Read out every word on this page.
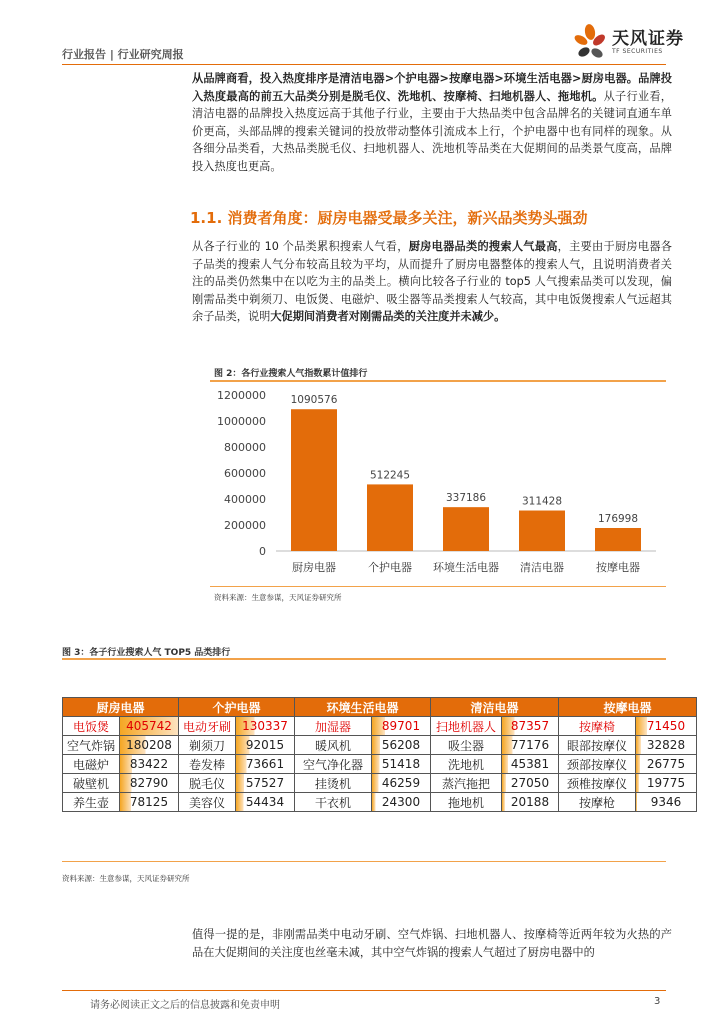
行业报告 | 行业研究周报
天风证券
TF SECURITIES

从品牌商看，投入热度排序是清洁电器>个护电器>按摩电器>环境生活电器>厨房电器。品牌投入热度最高的前五大品类分别是脱毛仪、洗地机、按摩椅、扫地机器人、拖地机。从子行业看，清洁电器的品牌投入热度远高于其他子行业，主要由于大热品类中包含品牌名的关键词直通车单价更高，头部品牌的搜索关键词的投放带动整体引流成本上行，个护电器中也有同样的现象。从各细分品类看，大热品类脱毛仪、扫地机器人、洗地机等品类在大促期间的品类景气度高，品牌投入热度也更高。

1.1. 消费者角度：厨房电器受最多关注，新兴品类势头强劲

从各子行业的 10 个品类累积搜索人气看，厨房电器品类的搜索人气最高，主要由于厨房电器各子品类的搜索人气分布较高且较为平均，从而提升了厨房电器整体的搜索人气，且说明消费者关注的品类仍然集中在以吃为主的品类上。横向比较各子行业的 top5 人气搜索品类可以发现，偏刚需品类中剃须刀、电饭煲、电磁炉、吸尘器等品类搜索人气较高，其中电饭煲搜索人气远超其余子品类，说明大促期间消费者对刚需品类的关注度并未减少。

图 2：各行业搜索人气指数累计值排行
0
200000
400000
600000
800000
1000000
1200000 1090576
厨房电器
512245
个护电器
337186
环境生活电器
311428
清洁电器
176998
按摩电器
资料来源：生意参谋，天风证券研究所
图 3：各子行业搜索人气 TOP5 品类排行
厨房电器		个护电器		环境生活电器		清洁电器		按摩电器	
电饭煲	405742	电动牙刷	130337	加湿器	89701	扫地机器人	87357	按摩椅	71450
空气炸锅	180208	剃须刀	92015	暖风机	56208	吸尘器	77176	眼部按摩仪	32828
电磁炉	83422	卷发棒	73661	空气净化器	51418	洗地机	45381	颈部按摩仪	26775
破壁机	82790	脱毛仪	57527	挂烫机	46259	蒸汽拖把	27050	颈椎按摩仪	19775
养生壶	78125	美容仪	54434	干衣机	24300	拖地机	20188	按摩枪	9346
资料来源：生意参谋，天风证券研究所

值得一提的是，非刚需品类中电动牙刷、空气炸锅、扫地机器人、按摩椅等近两年较为火热的产品在大促期间的关注度也丝毫未减，其中空气炸锅的搜索人气超过了厨房电器中的

请务必阅读正文之后的信息披露和免责申明	3
